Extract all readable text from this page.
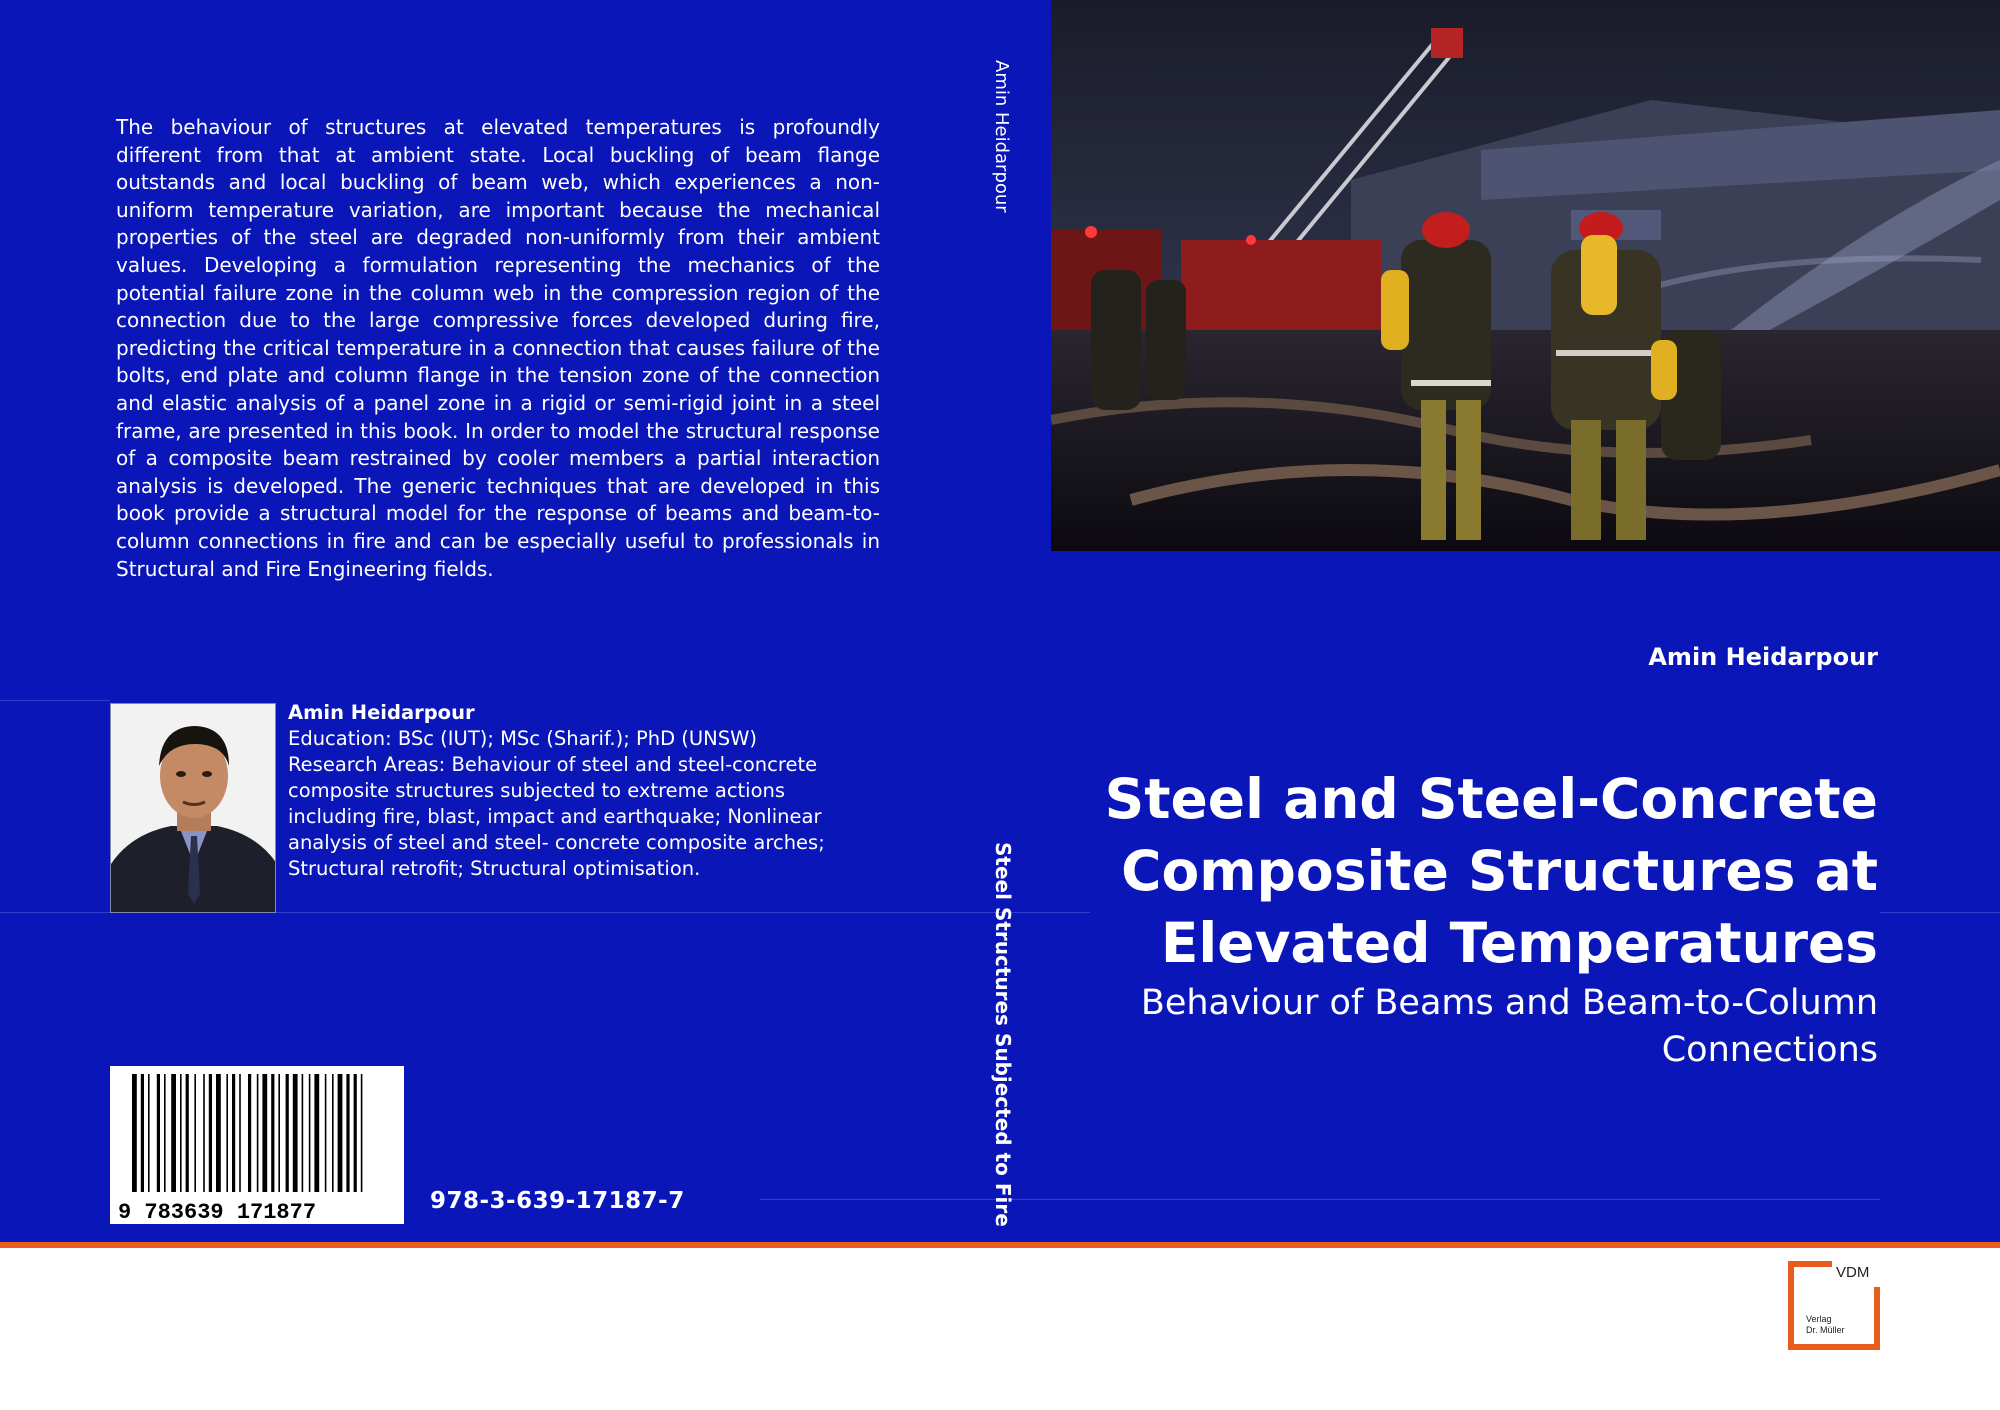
The behaviour of structures at elevated temperatures is profoundly different from that at ambient state. Local buckling of beam flange outstands and local buckling of beam web, which experiences a non-uniform temperature variation, are important because the mechanical properties of the steel are degraded non-uniformly from their ambient values. Developing a formulation representing the mechanics of the potential failure zone in the column web in the compression region of the connection due to the large compressive forces developed during fire, predicting the critical temperature in a connection that causes failure of the bolts, end plate and column flange in the tension zone of the connection and elastic analysis of a panel zone in a rigid or semi-rigid joint in a steel frame, are presented in this book. In order to model the structural response of a composite beam restrained by cooler members a partial interaction analysis is developed. The generic techniques that are developed in this book provide a structural model for the response of beams and beam-to-column connections in fire and can be especially useful to professionals in Structural and Fire Engineering fields.
Amin Heidarpour
Education: BSc (IUT); MSc (Sharif.); PhD (UNSW)
Research Areas: Behaviour of steel and steel-concrete composite structures subjected to extreme actions including fire, blast, impact and earthquake; Nonlinear analysis of steel and steel- concrete composite arches; Structural retrofit; Structural optimisation.
9 783639 171877	978-3-639-17187-7
Amin Heidarpour
Steel Structures Subjected to Fire
Amin Heidarpour
Steel and Steel-Concrete Composite Structures at Elevated Temperatures
Behaviour of Beams and Beam-to-Column Connections
VDM
Verlag
Dr. Müller
